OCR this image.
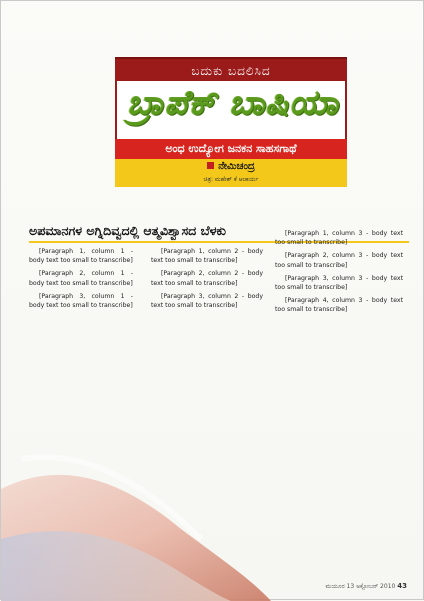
ಬದುಕು ಬದಲಿಸಿದ
ಬ್ರಾಪೆಕ್ ಬಾಷಿಯಾ
ಅಂಧ ಉದ್ಯೋಗ ಜನಕನ ಸಾಹಸಗಾಥೆ
ನೇಮಿಚಂದ್ರ
ಚಿತ್ರ: ಮಹೇಶ್ ಕೆ ಆಚಾರ್ಯ
ಅಪಮಾನಗಳ ಅಗ್ನಿದಿವ್ವದಲ್ಲಿ ಆತ್ಮವಿಶ್ವಾಸದ ಬೆಳಕು

[Paragraph 1, column 1 - body text too small to transcribe]

[Paragraph 2, column 1 - body text too small to transcribe]

[Paragraph 3, column 1 - body text too small to transcribe]

[Paragraph 1, column 2 - body text too small to transcribe]

[Paragraph 2, column 2 - body text too small to transcribe]

[Paragraph 3, column 2 - body text too small to transcribe]

[Paragraph 1, column 3 - body text too small to transcribe]

[Paragraph 2, column 3 - body text too small to transcribe]

[Paragraph 3, column 3 - body text too small to transcribe]

[Paragraph 4, column 3 - body text too small to transcribe]

ಮಯೂರ 13 ಅಕ್ಟೋಬರ್ 2010 43
